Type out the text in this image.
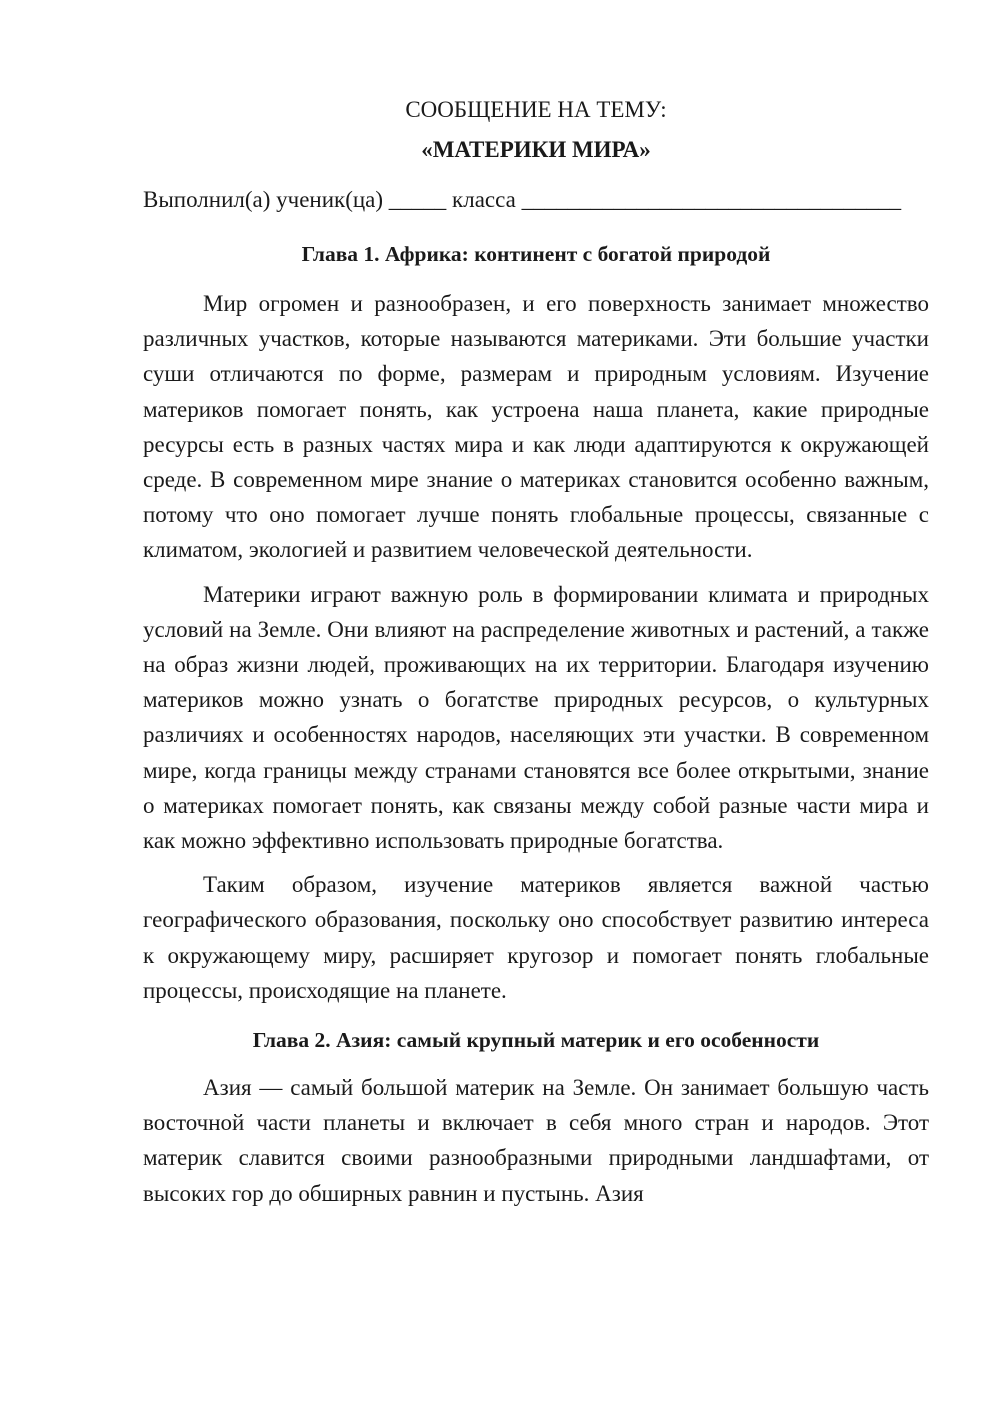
СООБЩЕНИЕ НА ТЕМУ:
«МАТЕРИКИ МИРА»
Выполнил(а) ученик(ца) _____ класса _________________________________
Глава 1. Африка: континент с богатой природой

Мир огромен и разнообразен, и его поверхность занимает множество различных участков, которые называются материками. Эти большие участки суши отличаются по форме, размерам и природным условиям. Изучение материков помогает понять, как устроена наша планета, какие природные ресурсы есть в разных частях мира и как люди адаптируются к окружающей среде. В современном мире знание о материках становится особенно важным, потому что оно помогает лучше понять глобальные процессы, связанные с климатом, экологией и развитием человеческой деятельности.

Материки играют важную роль в формировании климата и природных условий на Земле. Они влияют на распределение животных и растений, а также на образ жизни людей, проживающих на их территории. Благодаря изучению материков можно узнать о богатстве природных ресурсов, о культурных различиях и особенностях народов, населяющих эти участки. В современном мире, когда границы между странами становятся все более открытыми, знание о материках помогает понять, как связаны между собой разные части мира и как можно эффективно использовать природные богатства.

Таким образом, изучение материков является важной частью географического образования, поскольку оно способствует развитию интереса к окружающему миру, расширяет кругозор и помогает понять глобальные процессы, происходящие на планете.

Глава 2. Азия: самый крупный материк и его особенности

Азия — самый большой материк на Земле. Он занимает большую часть восточной части планеты и включает в себя много стран и народов. Этот материк славится своими разнообразными природными ландшафтами, от высоких гор до обширных равнин и пустынь. Азия
